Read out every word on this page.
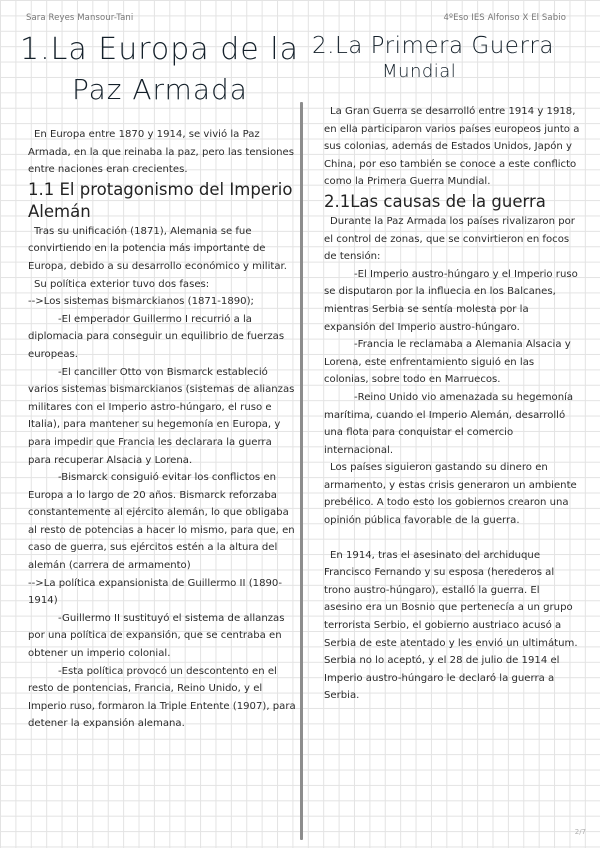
Sara Reyes Mansour-Tani	4ºEso IES Alfonso X El Sabio
1.La Europa de la
Paz Armada
2.La Primera Guerra
Mundial

En Europa entre 1870 y 1914, se vivió la Paz Armada, en la que reinaba la paz, pero las tensiones entre naciones eran crecientes.

1.1 El protagonismo del Imperio Alemán

Tras su unificación (1871), Alemania se fue convirtiendo en la potencia más importante de Europa, debido a su desarrollo económico y militar.

Su política exterior tuvo dos fases:

-->Los sistemas bismarckianos (1871-1890);

-El emperador Guillermo I recurrió a la diplomacia para conseguir un equilibrio de fuerzas europeas.

-El canciller Otto von Bismarck estableció varios sistemas bismarckianos (sistemas de alianzas militares con el Imperio astro-húngaro, el ruso e Italia), para mantener su hegemonía en Europa, y para impedir que Francia les declarara la guerra para recuperar Alsacia y Lorena.

-Bismarck consiguió evitar los conflictos en Europa a lo largo de 20 años. Bismarck reforzaba constantemente al ejército alemán, lo que obligaba al resto de potencias a hacer lo mismo, para que, en caso de guerra, sus ejércitos estén a la altura del alemán (carrera de armamento)

-->La política expansionista de Guillermo II (1890-1914)

-Guillermo II sustituyó el sistema de allanzas por una política de expansión, que se centraba en obtener un imperio colonial.

-Esta política provocó un descontento en el resto de pontencias, Francia, Reino Unido, y el Imperio ruso, formaron la Triple Entente (1907), para detener la expansión alemana.

La Gran Guerra se desarrolló entre 1914 y 1918, en ella participaron varios países europeos junto a sus colonias, además de Estados Unidos, Japón y China, por eso también se conoce a este conflicto como la Primera Guerra Mundial.

2.1Las causas de la guerra

Durante la Paz Armada los países rivalizaron por el control de zonas, que se convirtieron en focos de tensión:

-El Imperio austro-húngaro y el Imperio ruso se disputaron por la influecia en los Balcanes, mientras Serbia se sentía molesta por la expansión del Imperio austro-húngaro.

-Francia le reclamaba a Alemania Alsacia y Lorena, este enfrentamiento siguió en las colonias, sobre todo en Marruecos.

-Reino Unido vio amenazada su hegemonía marítima, cuando el Imperio Alemán, desarrolló una flota para conquistar el comercio internacional.

Los países siguieron gastando su dinero en armamento, y estas crisis generaron un ambiente prebélico. A todo esto los gobiernos crearon una opinión pública favorable de la guerra.

En 1914, tras el asesinato del archiduque Francisco Fernando y su esposa (herederos al trono austro-húngaro), estalló la guerra. El asesino era un Bosnio que pertenecía a un grupo terrorista Serbio, el gobierno austriaco acusó a Serbia de este atentado y les envió un ultimátum. Serbia no lo aceptó, y el 28 de julio de 1914 el Imperio austro-húngaro le declaró la guerra a Serbia.

2/7
